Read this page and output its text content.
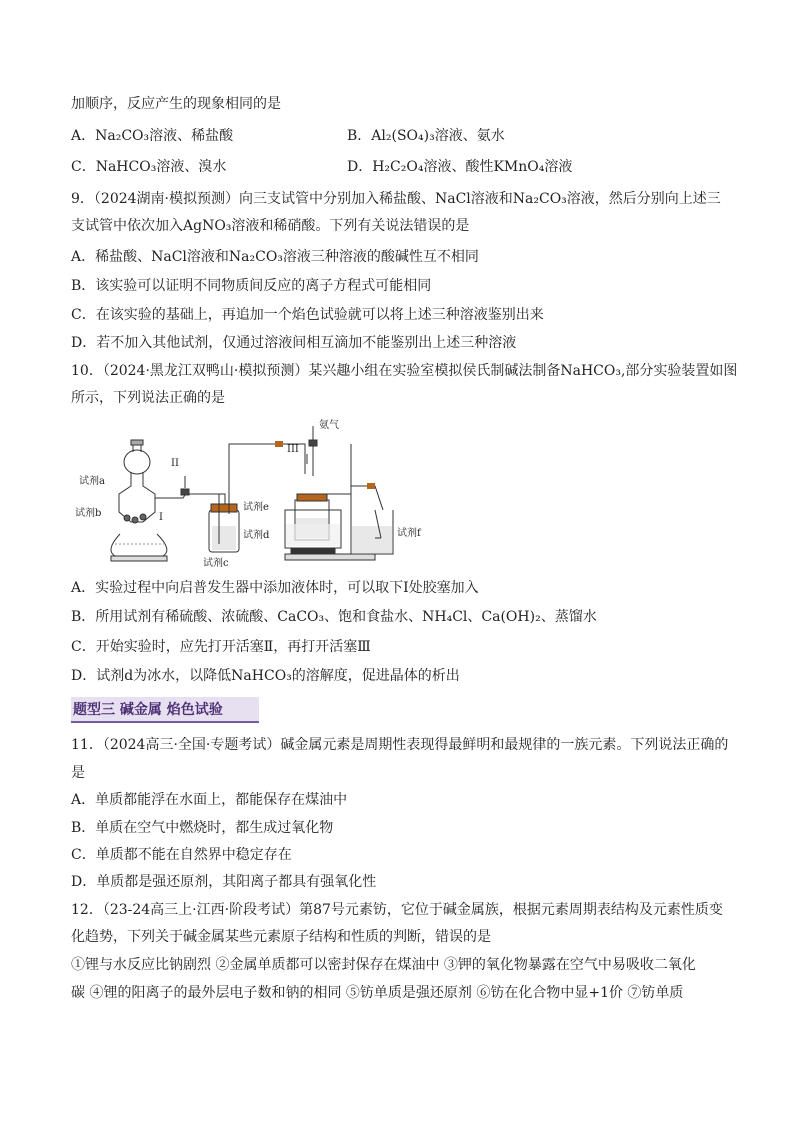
加顺序，反应产生的现象相同的是
A．Na₂CO₃溶液、稀盐酸	B．Al₂(SO₄)₃溶液、氨水
C．NaHCO₃溶液、溴水	D．H₂C₂O₄溶液、酸性KMnO₄溶液
9．（2024湖南·模拟预测）向三支试管中分别加入稀盐酸、NaCl溶液和Na₂CO₃溶液，然后分别向上述三
支试管中依次加入AgNO₃溶液和稀硝酸。下列有关说法错误的是
A．稀盐酸、NaCl溶液和Na₂CO₃溶液三种溶液的酸碱性互不相同
B．该实验可以证明不同物质间反应的离子方程式可能相同
C．在该实验的基础上，再追加一个焰色试验就可以将上述三种溶液鉴别出来
D．若不加入其他试剂，仅通过溶液间相互滴加不能鉴别出上述三种溶液
10．（2024·黑龙江双鸭山·模拟预测）某兴趣小组在实验室模拟侯氏制碱法制备NaHCO₃,部分实验装置如图
所示，下列说法正确的是
氨气
III
II
I
试剂a
试剂b
试剂c
试剂e
试剂d	试剂f
A．实验过程中向启普发生器中添加液体时，可以取下Ⅰ处胶塞加入
B．所用试剂有稀硫酸、浓硫酸、CaCO₃、饱和食盐水、NH₄Cl、Ca(OH)₂、蒸馏水
C．开始实验时，应先打开活塞Ⅱ，再打开活塞Ⅲ
D．试剂d为冰水，以降低NaHCO₃的溶解度，促进晶体的析出
题型三 碱金属 焰色试验
11．（2024高三·全国·专题考试）碱金属元素是周期性表现得最鲜明和最规律的一族元素。下列说法正确的
是
A．单质都能浮在水面上，都能保存在煤油中
B．单质在空气中燃烧时，都生成过氧化物
C．单质都不能在自然界中稳定存在
D．单质都是强还原剂，其阳离子都具有强氧化性
12．（23-24高三上·江西·阶段考试）第87号元素钫，它位于碱金属族，根据元素周期表结构及元素性质变
化趋势，下列关于碱金属某些元素原子结构和性质的判断，错误的是
①锂与水反应比钠剧烈 ②金属单质都可以密封保存在煤油中 ③钾的氧化物暴露在空气中易吸收二氧化
碳 ④锂的阳离子的最外层电子数和钠的相同 ⑤钫单质是强还原剂 ⑥钫在化合物中显+1价 ⑦钫单质
